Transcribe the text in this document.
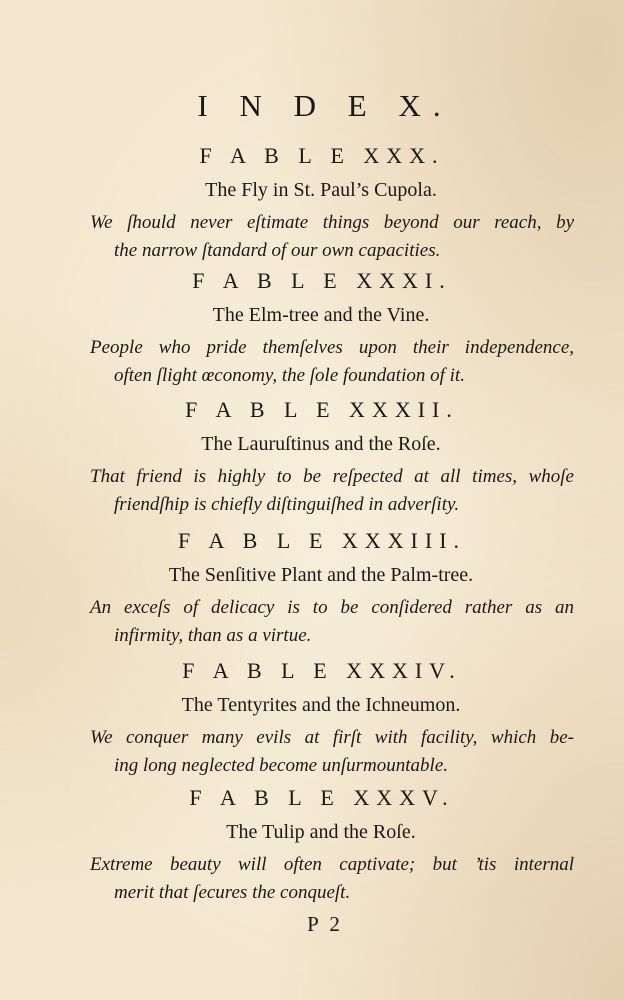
I N D E X.
F A B L E XXX.
The Fly in St. Paul’s Cupola.
We ſhould never eſtimate things beyond our reach, by
the narrow ſtandard of our own capacities.
F A B L E XXXI.
The Elm-tree and the Vine.
People who pride themſelves upon their independence,
often ſlight œconomy, the ſole foundation of it.
F A B L E XXXII.
The Lauruſtinus and the Roſe.
That friend is highly to be reſpected at all times, whoſe
friendſhip is chiefly diſtinguiſhed in adverſity.
F A B L E XXXIII.
The Senſitive Plant and the Palm-tree.
An exceſs of delicacy is to be conſidered rather as an
infirmity, than as a virtue.
F A B L E XXXIV.
The Tentyrites and the Ichneumon.
We conquer many evils at firſt with facility, which be-
ing long neglected become unſurmountable.
F A B L E XXXV.
The Tulip and the Roſe.
Extreme beauty will often captivate; but ’tis internal
merit that ſecures the conqueſt.
P 2
